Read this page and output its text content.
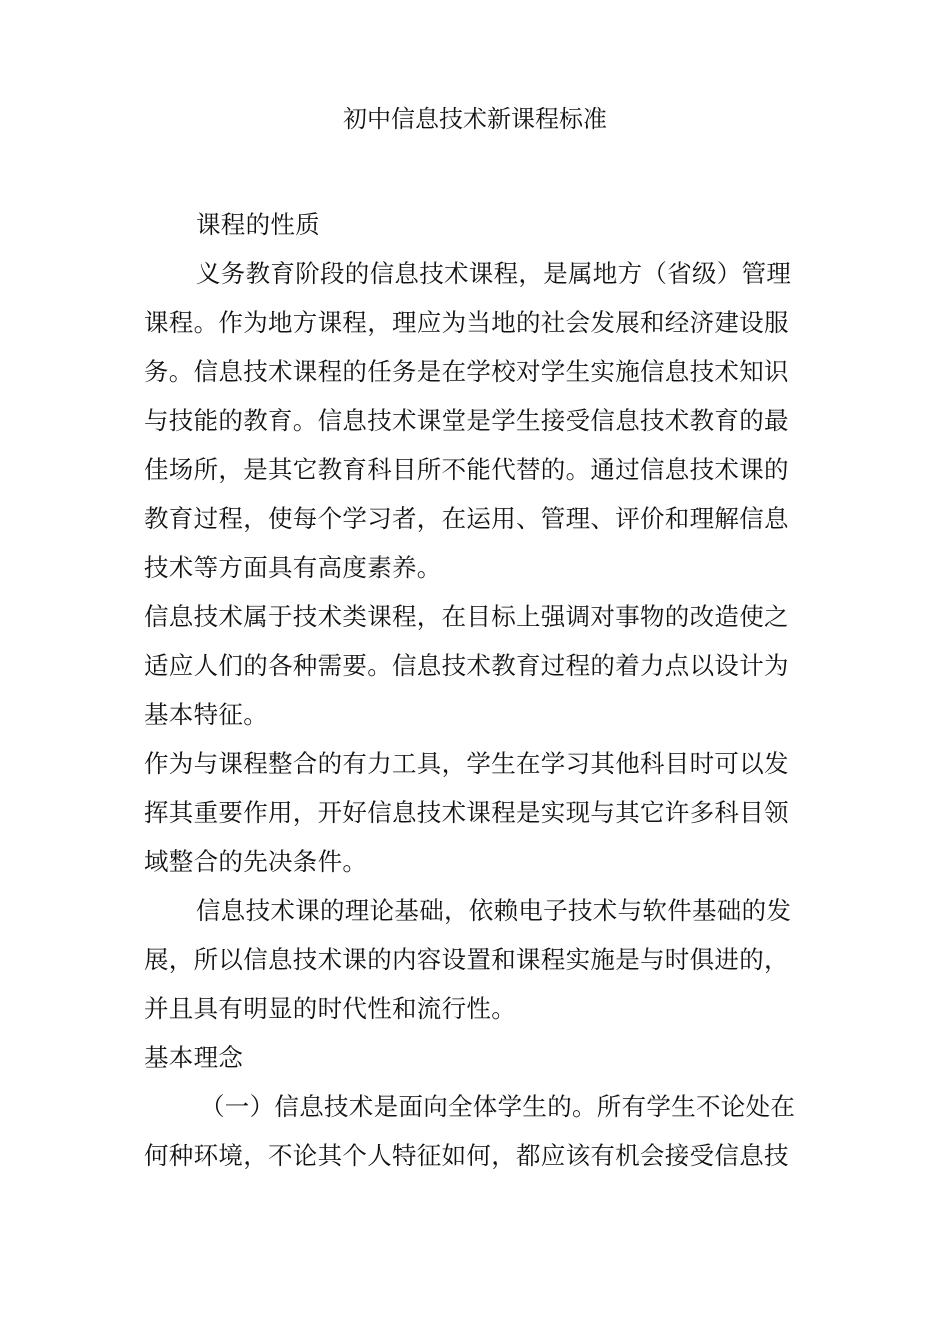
初中信息技术新课程标准
课程的性质
义务教育阶段的信息技术课程，是属地方（省级）管理
课程。作为地方课程，理应为当地的社会发展和经济建设服
务。信息技术课程的任务是在学校对学生实施信息技术知识
与技能的教育。信息技术课堂是学生接受信息技术教育的最
佳场所，是其它教育科目所不能代替的。通过信息技术课的
教育过程，使每个学习者，在运用、管理、评价和理解信息
技术等方面具有高度素养。
信息技术属于技术类课程，在目标上强调对事物的改造使之
适应人们的各种需要。信息技术教育过程的着力点以设计为
基本特征。
作为与课程整合的有力工具，学生在学习其他科目时可以发
挥其重要作用，开好信息技术课程是实现与其它许多科目领
域整合的先决条件。
信息技术课的理论基础，依赖电子技术与软件基础的发
展，所以信息技术课的内容设置和课程实施是与时俱进的，
并且具有明显的时代性和流行性。
基本理念
（一）信息技术是面向全体学生的。所有学生不论处在
何种环境，不论其个人特征如何，都应该有机会接受信息技
